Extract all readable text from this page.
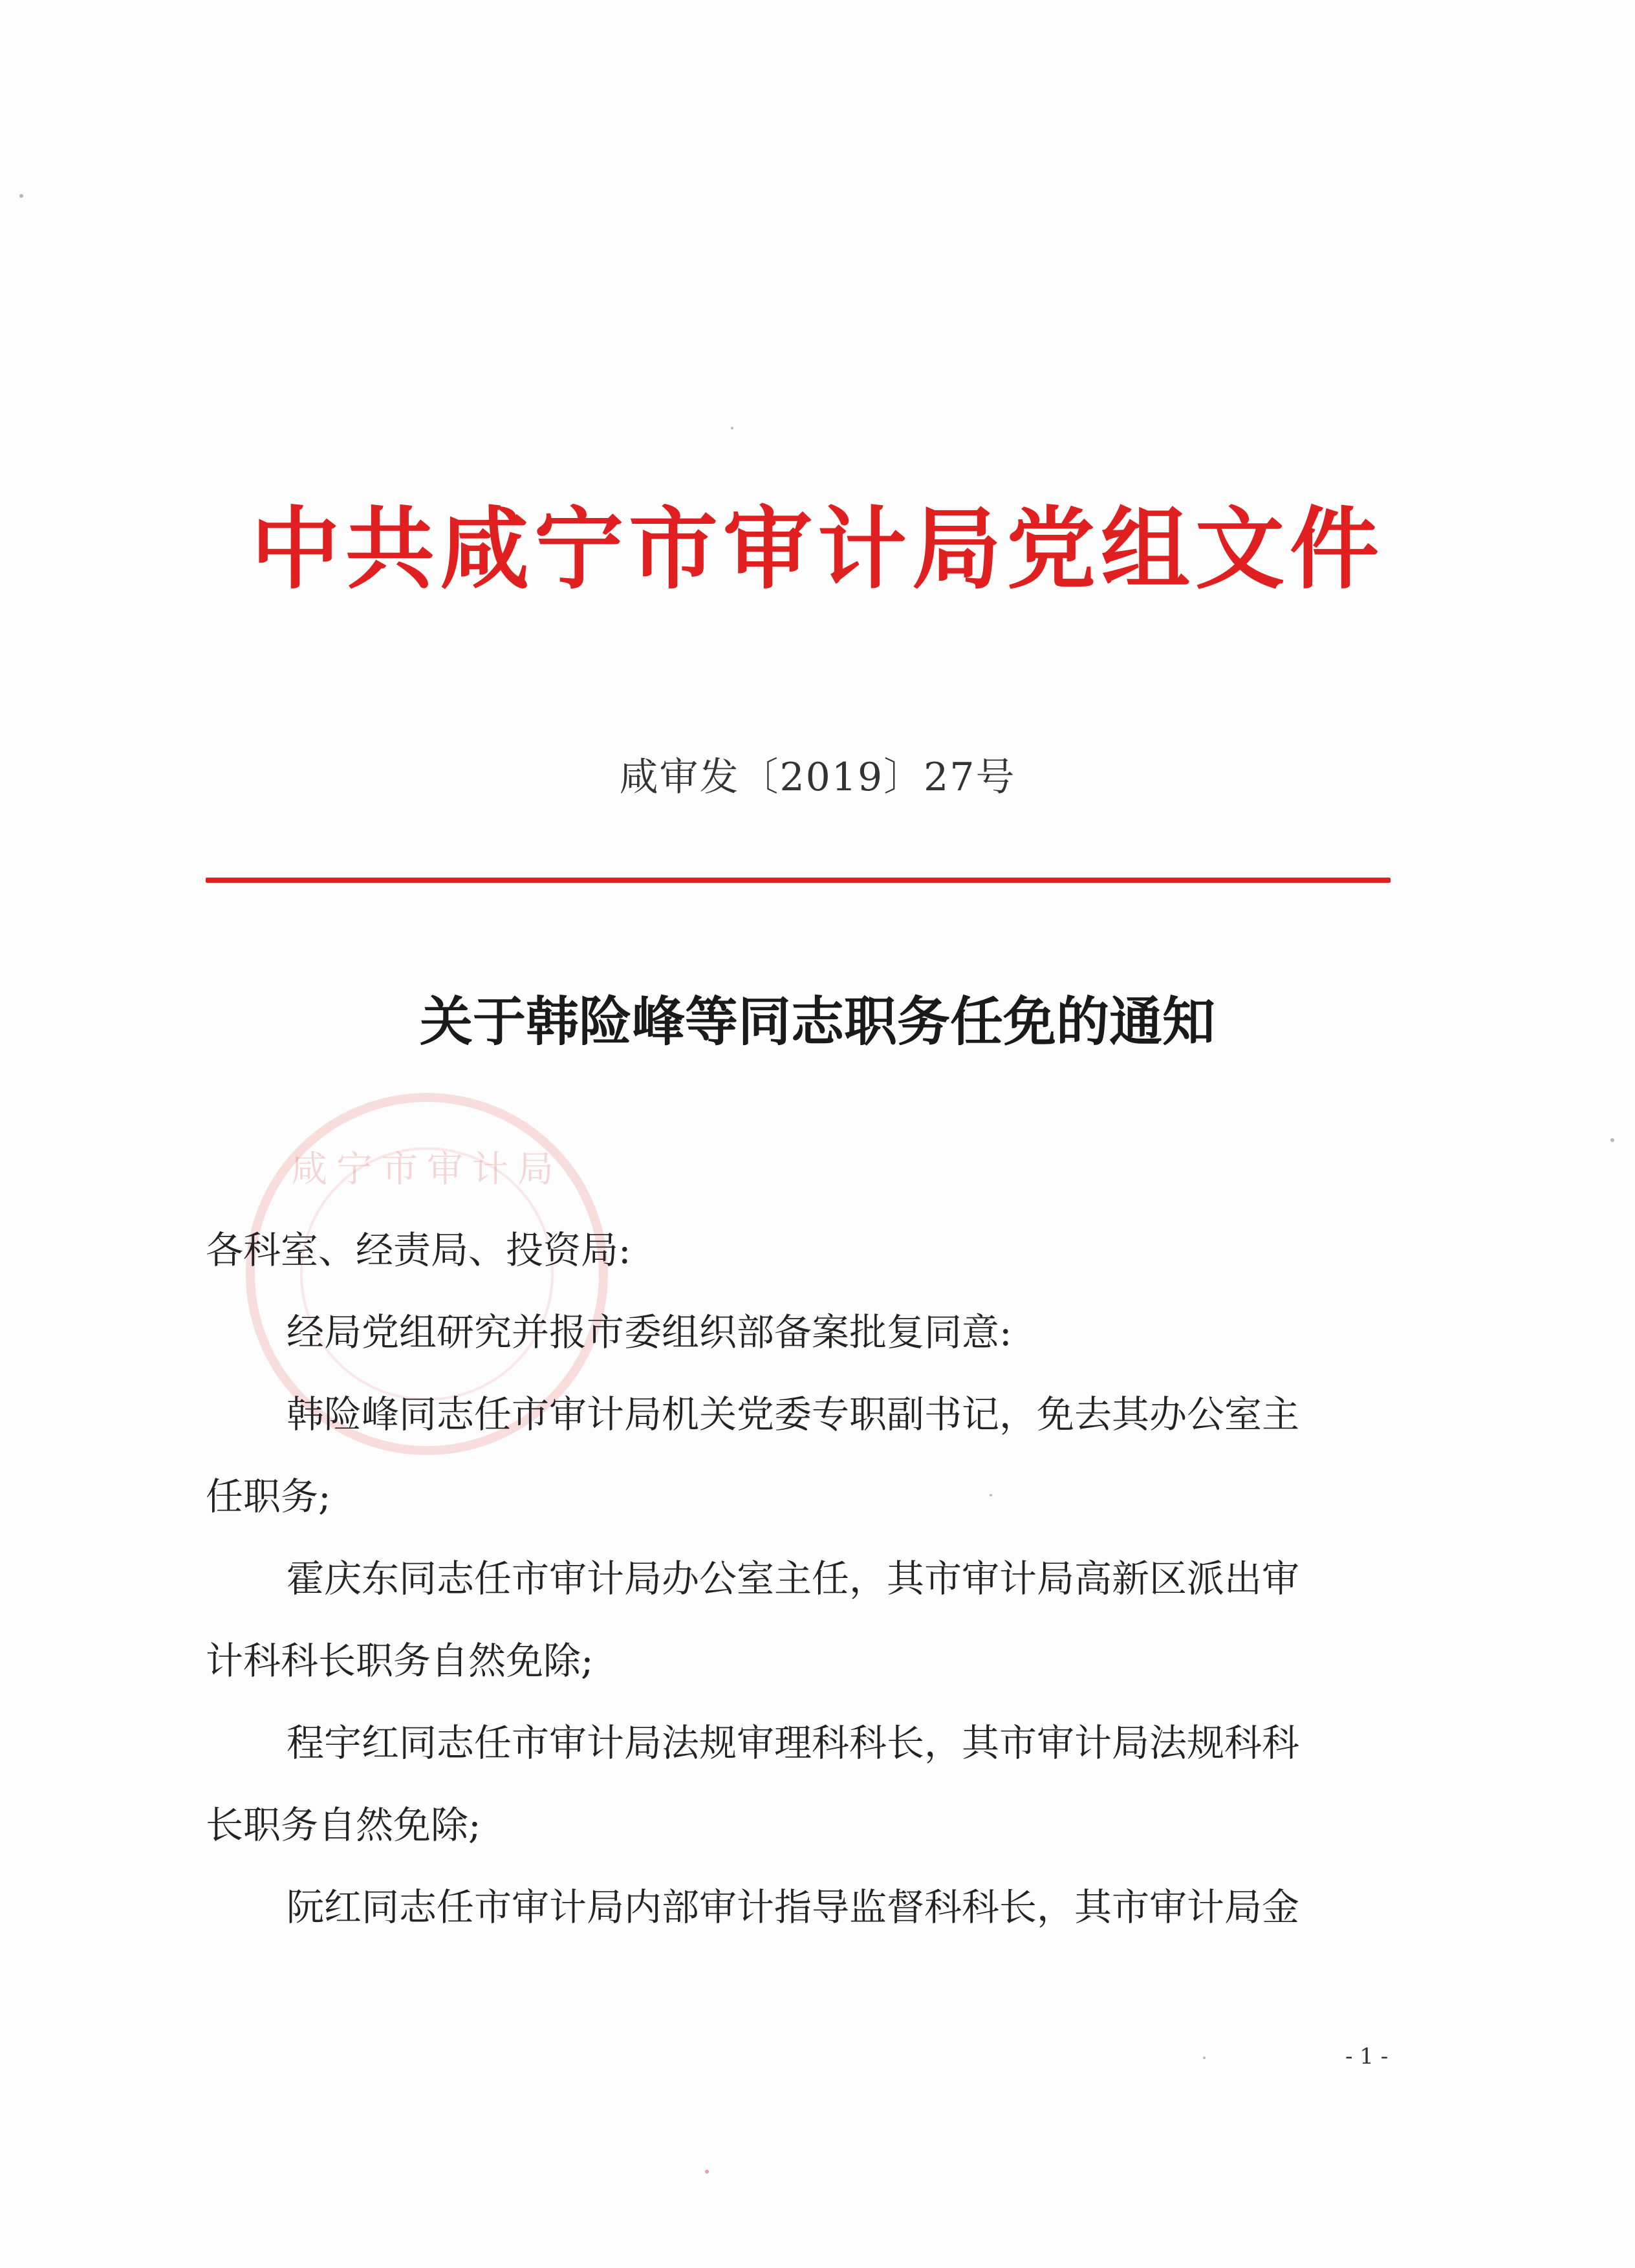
中共咸宁市审计局党组文件
咸审发〔2019〕27号
关于韩险峰等同志职务任免的通知
咸宁市审计局

各科室、经责局、投资局:

经局党组研究并报市委组织部备案批复同意:

韩险峰同志任市审计局机关党委专职副书记，免去其办公室主

任职务;

霍庆东同志任市审计局办公室主任，其市审计局高新区派出审

计科科长职务自然免除;

程宇红同志任市审计局法规审理科科长，其市审计局法规科科

长职务自然免除;

阮红同志任市审计局内部审计指导监督科科长，其市审计局金

- 1 -
